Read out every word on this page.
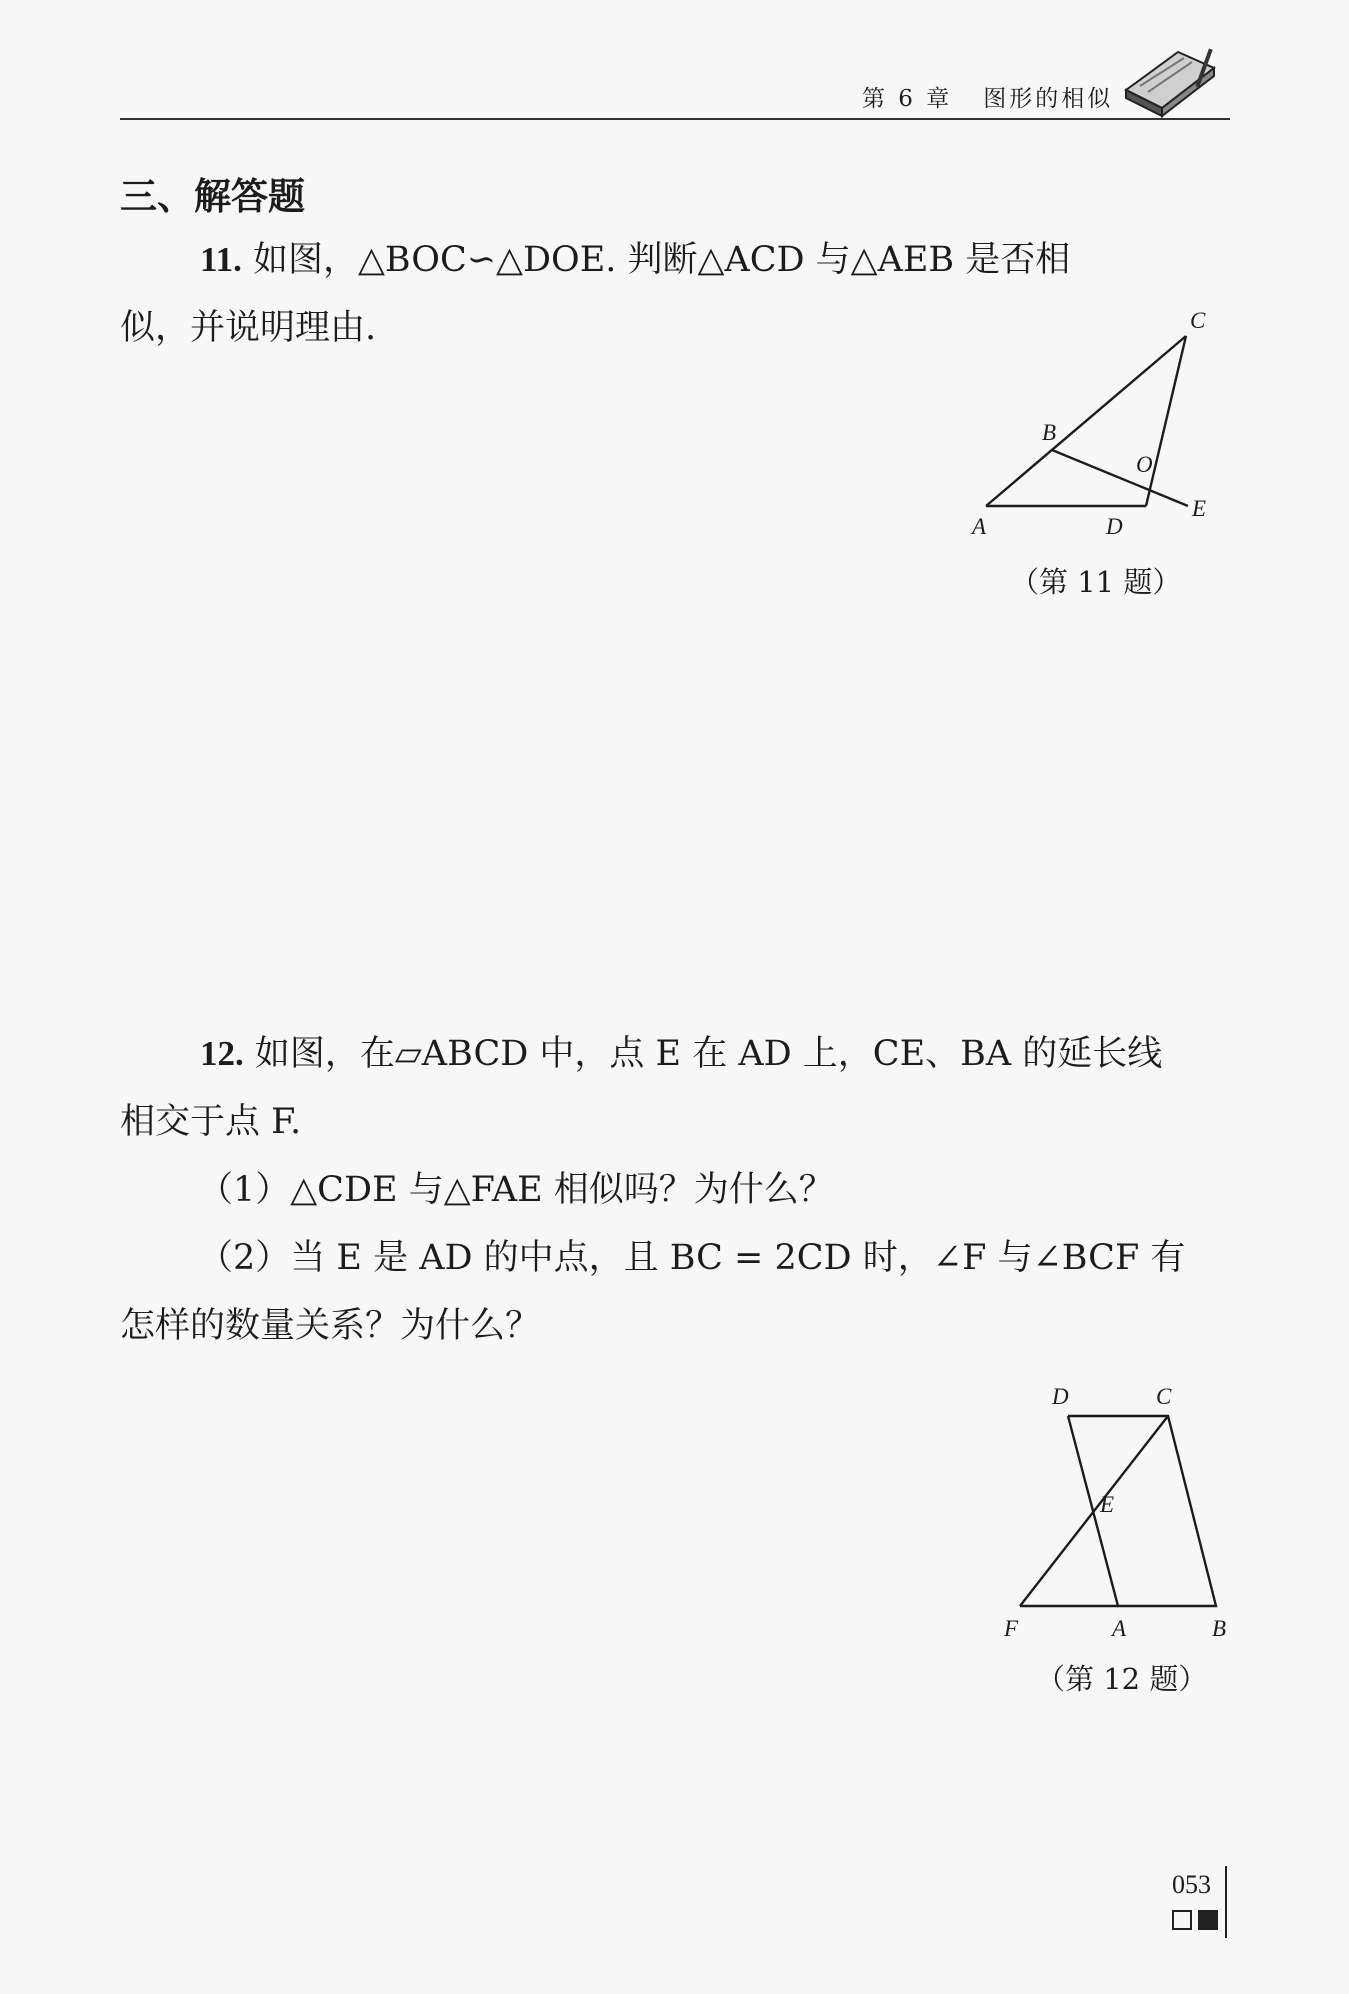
第 6 章 图形的相似
三、解答题
11. 如图，△BOC∽△DOE. 判断△ACD 与△AEB 是否相
似，并说明理由.	C
B
O
A	D
E
（第 11 题）
12. 如图，在▱ABCD 中，点 E 在 AD 上，CE、BA 的延长线
相交于点 F.
（1）△CDE 与△FAE 相似吗？为什么？
（2）当 E 是 AD 的中点，且 BC = 2CD 时，∠F 与∠BCF 有
怎样的数量关系？为什么？
D	C
E
F	A	B
（第 12 题）
053
